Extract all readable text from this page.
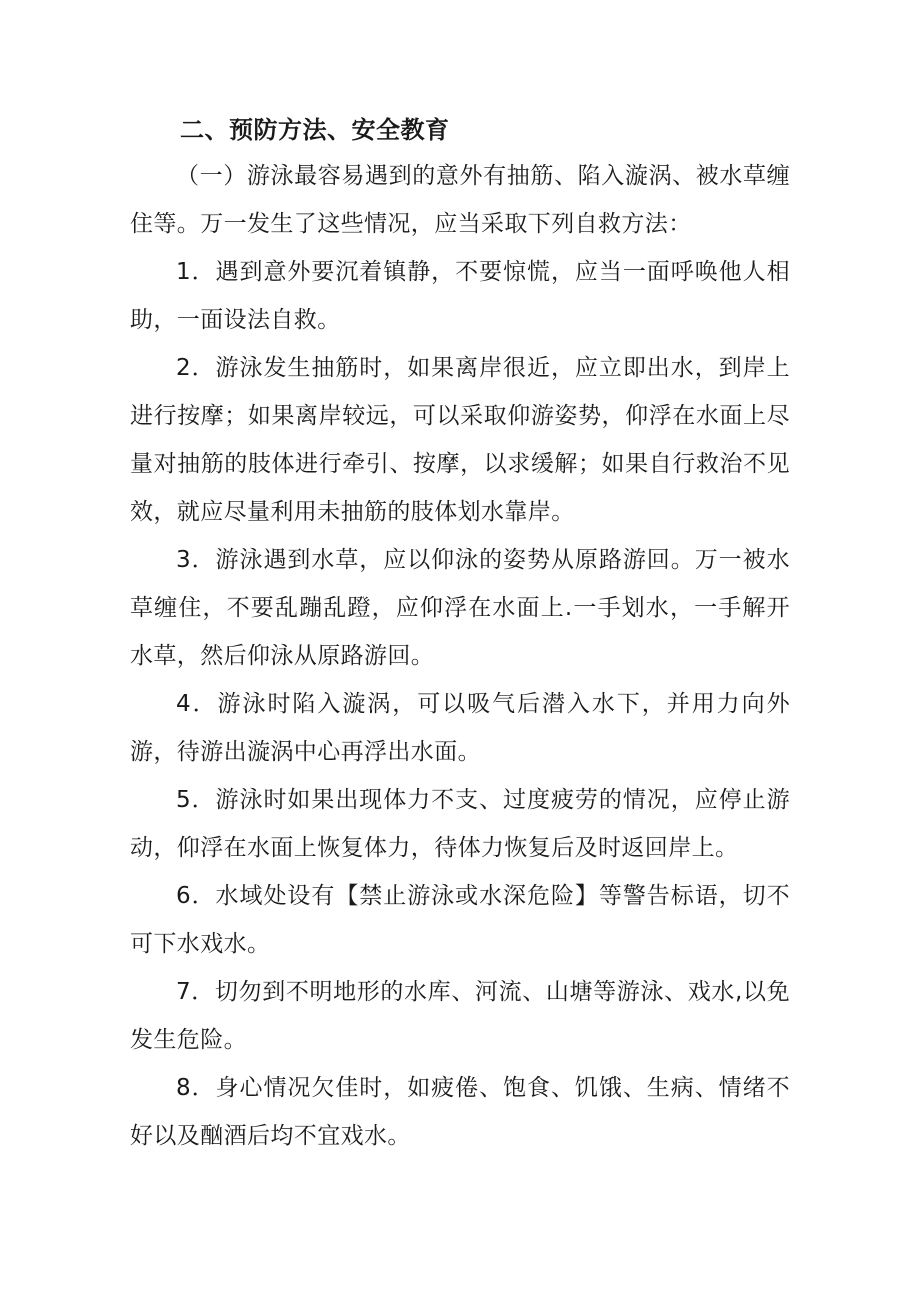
二、预防方法、安全教育

（一）游泳最容易遇到的意外有抽筋、陷入漩涡、被水草缠住等。万一发生了这些情况，应当采取下列自救方法：

1．遇到意外要沉着镇静，不要惊慌，应当一面呼唤他人相助，一面设法自救。

2．游泳发生抽筋时，如果离岸很近，应立即出水，到岸上进行按摩；如果离岸较远，可以采取仰游姿势，仰浮在水面上尽量对抽筋的肢体进行牵引、按摩，以求缓解；如果自行救治不见效，就应尽量利用未抽筋的肢体划水靠岸。

3．游泳遇到水草，应以仰泳的姿势从原路游回。万一被水草缠住，不要乱蹦乱蹬，应仰浮在水面上.一手划水，一手解开水草，然后仰泳从原路游回。

4．游泳时陷入漩涡，可以吸气后潜入水下，并用力向外游，待游出漩涡中心再浮出水面。

5．游泳时如果出现体力不支、过度疲劳的情况，应停止游动，仰浮在水面上恢复体力，待体力恢复后及时返回岸上。

6．水域处设有【禁止游泳或水深危险】等警告标语，切不可下水戏水。

7．切勿到不明地形的水库、河流、山塘等游泳、戏水,以免发生危险。

8．身心情况欠佳时，如疲倦、饱食、饥饿、生病、情绪不好以及酗酒后均不宜戏水。
